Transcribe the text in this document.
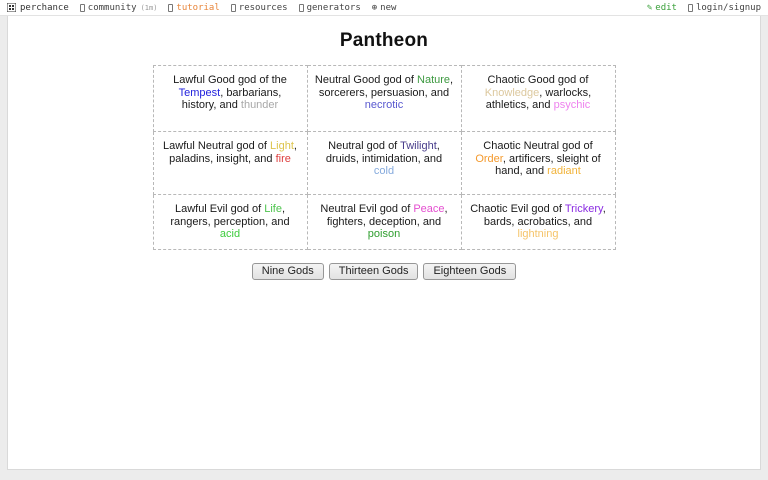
perchance community (1m) tutorial resources generators ⊕ new	✎ edit login/signup
Pantheon
Lawful Good god of the Tempest, barbarians, history, and thunder	Neutral Good god of Nature, sorcerers, persuasion, and necrotic	Chaotic Good god of Knowledge, warlocks, athletics, and psychic
Lawful Neutral god of Light, paladins, insight, and fire	Neutral god of Twilight, druids, intimidation, and cold	Chaotic Neutral god of Order, artificers, sleight of hand, and radiant
Lawful Evil god of Life, rangers, perception, and acid	Neutral Evil god of Peace, fighters, deception, and poison	Chaotic Evil god of Trickery, bards, acrobatics, and lightning
Nine Gods	Thirteen Gods	Eighteen Gods
